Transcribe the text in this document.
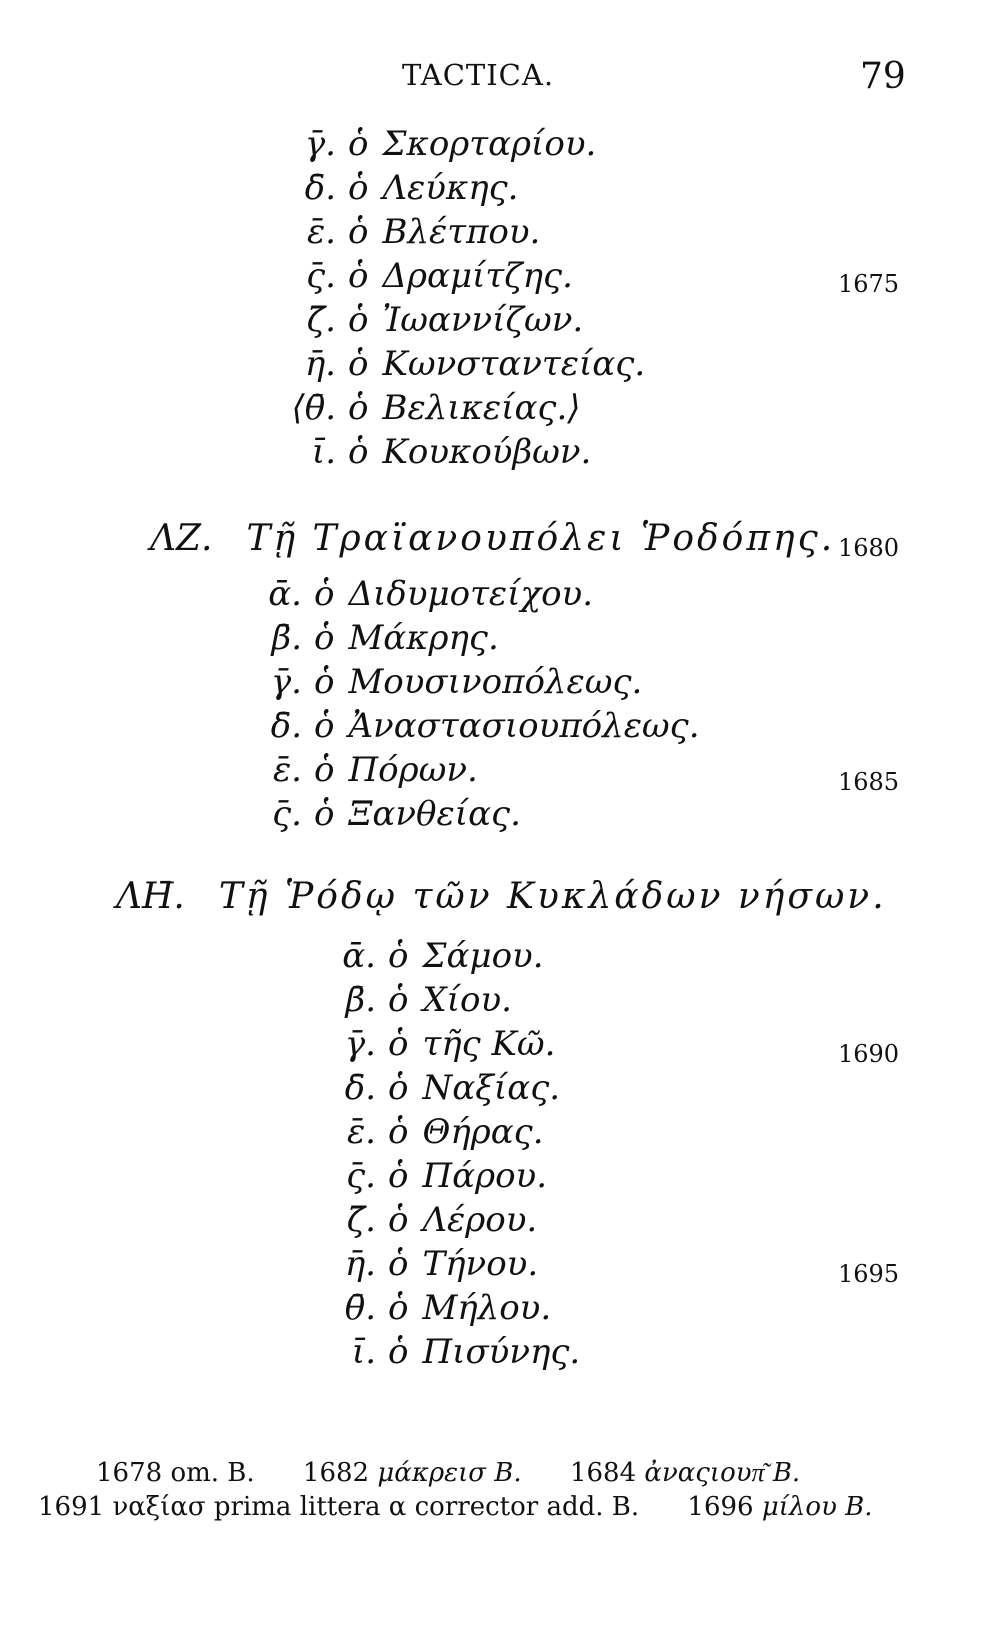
TACTICA.	79
γ̄. ὁ Σκορταρίου.
δ̄. ὁ Λεύκης.
ε̄. ὁ Βλέτπου.
ς̄. ὁ Δραμίτζης.	1675
ζ̄. ὁ Ἰωαννίζων.
η̄. ὁ Κωνσταντείας.
⟨θ̄. ὁ Βελικείας.⟩
ῑ. ὁ Κουκούβων.
ΛΖ. Τῇ Τραϊανουπόλει Ῥοδόπης. 1680
ᾱ. ὁ Διδυμοτείχου.
β̄. ὁ Μάκρης.
γ̄. ὁ Μουσινοπόλεως.
δ̄. ὁ Ἀναστασιουπόλεως.
ε̄. ὁ Πόρων.	1685
ς̄. ὁ Ξανθείας.
ΛΗ̄. Τῇ Ῥόδῳ τῶν Κυκλάδων νήσων.
ᾱ. ὁ Σάμου.
β̄. ὁ Χίου.
γ̄. ὁ τῆς Κῶ.	1690
δ̄. ὁ Ναξίας.
ε̄. ὁ Θήρας.
ς̄. ὁ Πάρου.
ζ̄. ὁ Λέρου.
η̄. ὁ Τήνου.	1695
θ̄. ὁ Μήλου.
ῑ. ὁ Πισύνης.
1678 om. B. 1682 μάκρεισ B. 1684 ἀναςιουπ͂ B.
1691 ναξίασ prima littera α corrector add. B. 1696 μίλου B.
